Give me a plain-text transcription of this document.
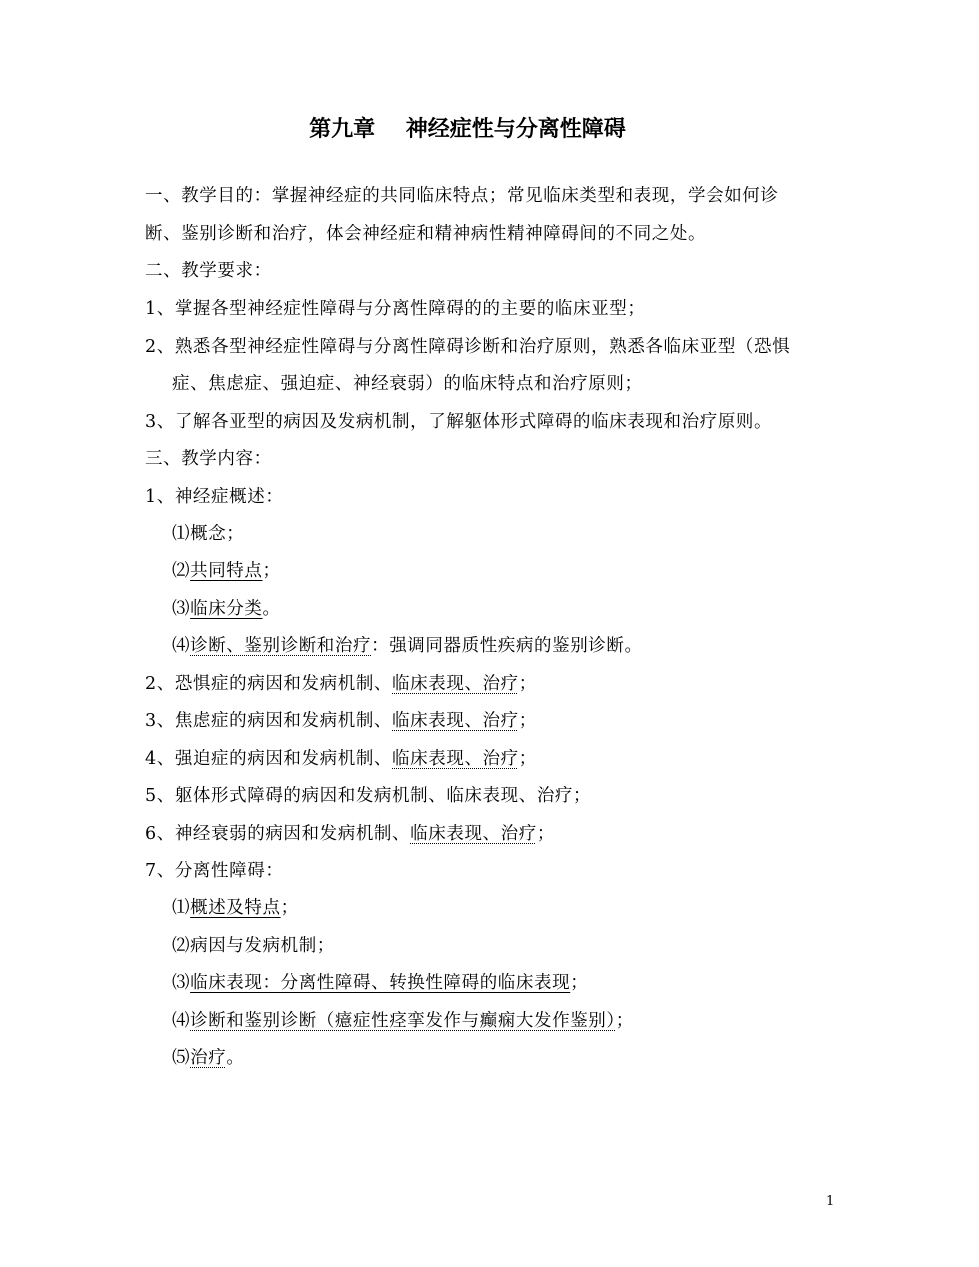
第九章    神经症性与分离性障碍
一、教学目的：掌握神经症的共同临床特点；常见临床类型和表现，学会如何诊
断、鉴别诊断和治疗，体会神经症和精神病性精神障碍间的不同之处。
二、教学要求：
1、掌握各型神经症性障碍与分离性障碍的的主要的临床亚型；
2、熟悉各型神经症性障碍与分离性障碍诊断和治疗原则，熟悉各临床亚型（恐惧
症、焦虑症、强迫症、神经衰弱）的临床特点和治疗原则；
3、了解各亚型的病因及发病机制，了解躯体形式障碍的临床表现和治疗原则。
三、教学内容：
1、神经症概述：
⑴概念；
⑵共同特点；
⑶临床分类。
⑷诊断、鉴别诊断和治疗：强调同器质性疾病的鉴别诊断。
2、恐惧症的病因和发病机制、临床表现、治疗；
3、焦虑症的病因和发病机制、临床表现、治疗；
4、强迫症的病因和发病机制、临床表现、治疗；
5、躯体形式障碍的病因和发病机制、临床表现、治疗；
6、神经衰弱的病因和发病机制、临床表现、治疗；
7、分离性障碍：
⑴概述及特点；
⑵病因与发病机制；
⑶临床表现：分离性障碍、转换性障碍的临床表现；
⑷诊断和鉴别诊断（癔症性痉挛发作与癫痫大发作鉴别）；
⑸治疗。
1
